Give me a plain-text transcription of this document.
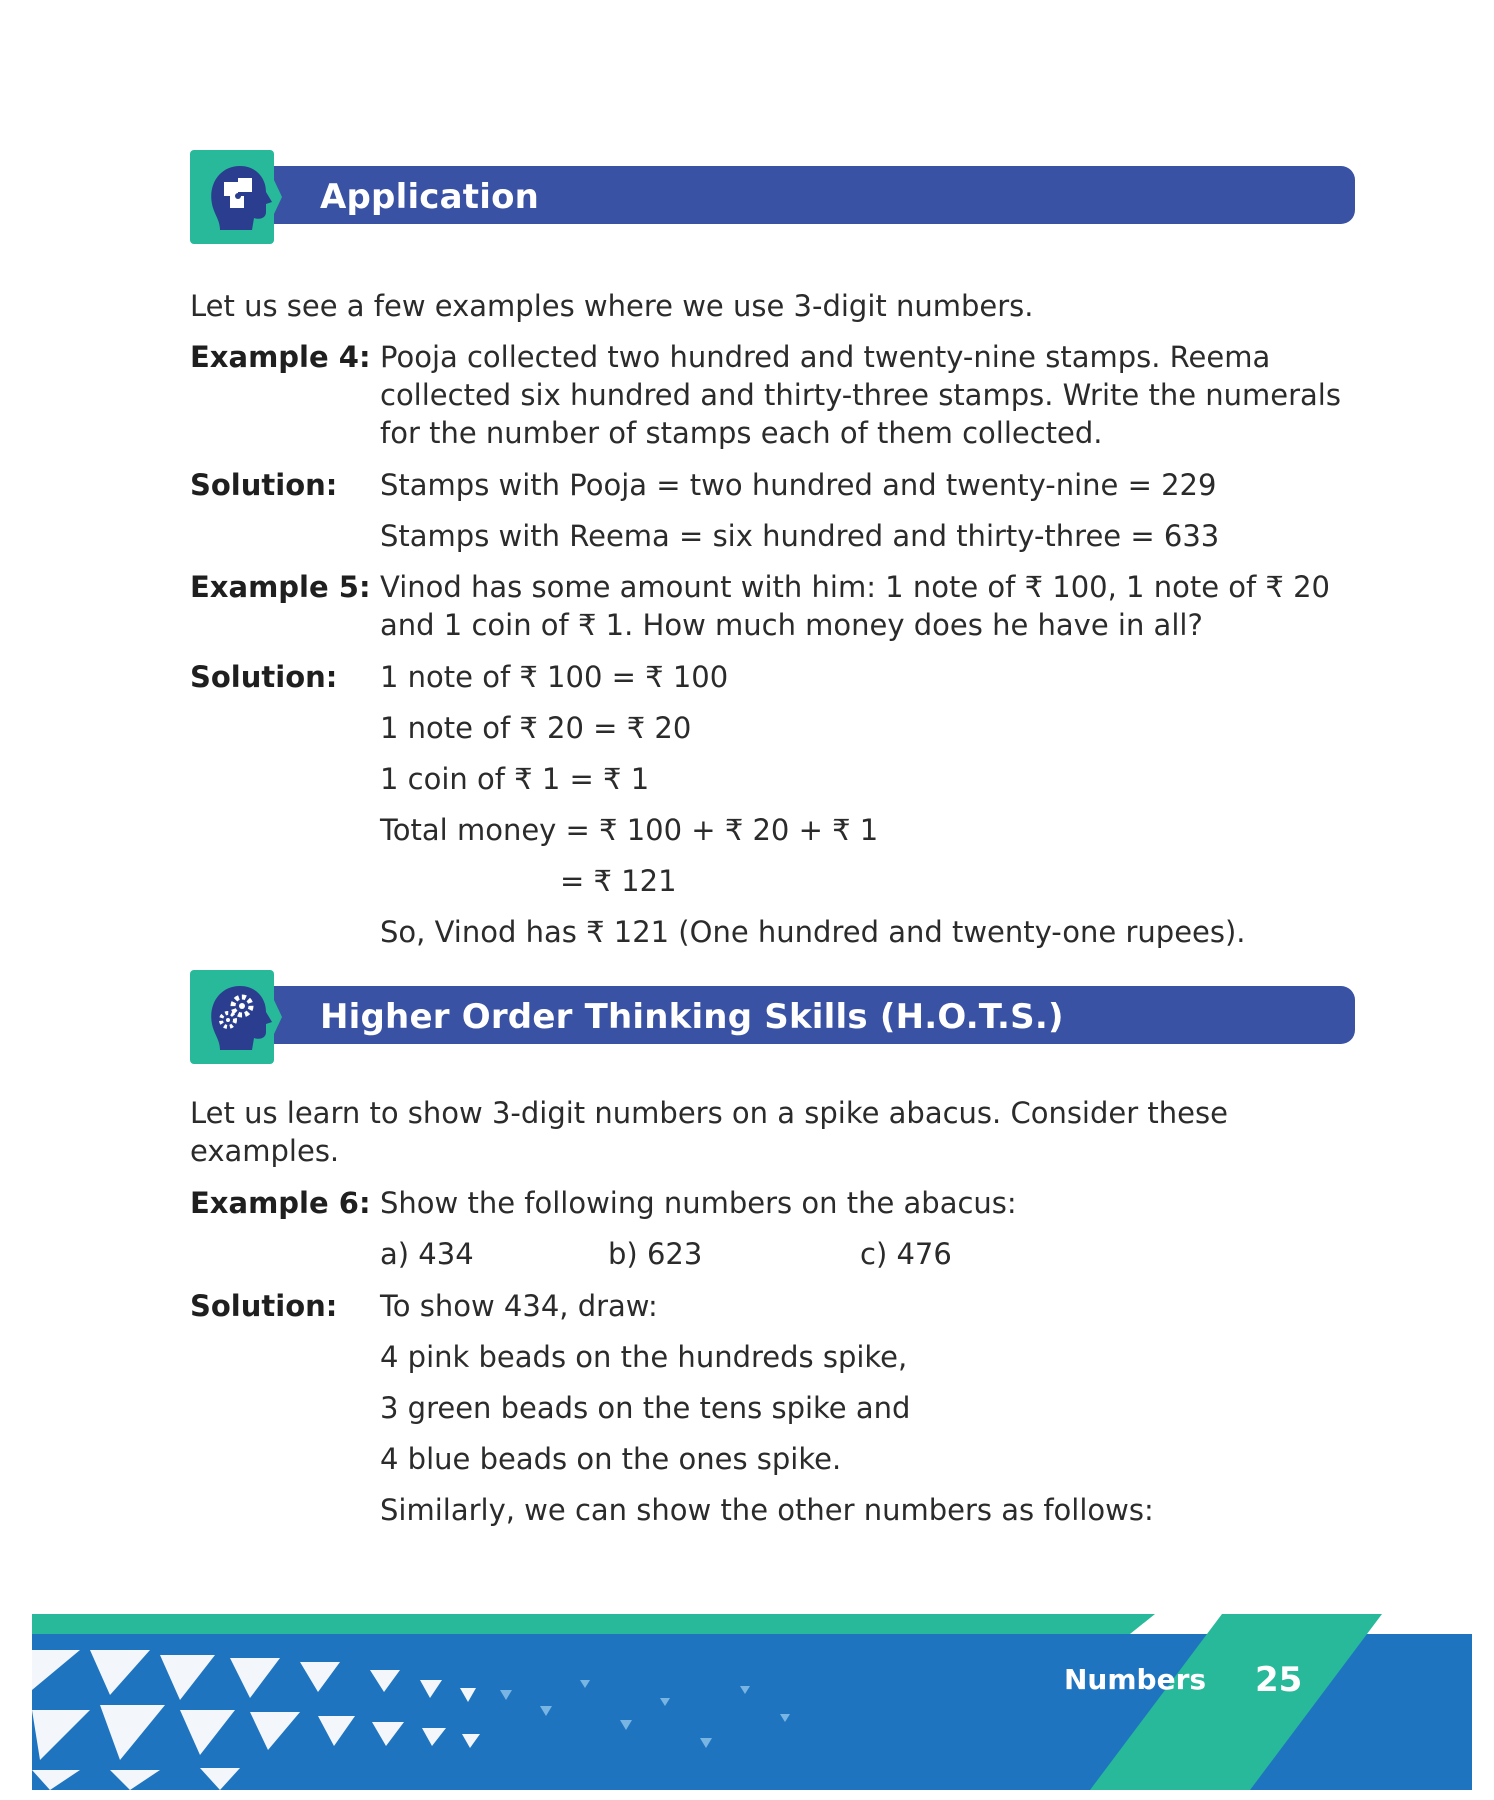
Application
Let us see a few examples where we use 3-digit numbers.
Example 4: Pooja collected two hundred and twenty-nine stamps. Reema collected six hundred and thirty-three stamps. Write the numerals for the number of stamps each of them collected.
Solution: Stamps with Pooja = two hundred and twenty-nine = 229
Stamps with Reema = six hundred and thirty-three = 633
Example 5: Vinod has some amount with him: 1 note of ₹ 100, 1 note of ₹ 20 and 1 coin of ₹ 1. How much money does he have in all?
Solution: 1 note of ₹ 100 = ₹ 100
1 note of ₹ 20 = ₹ 20
1 coin of ₹ 1 = ₹ 1
Total money = ₹ 100 + ₹ 20 + ₹ 1
= ₹ 121
So, Vinod has ₹ 121 (One hundred and twenty-one rupees).
Higher Order Thinking Skills (H.O.T.S.)
Let us learn to show 3-digit numbers on a spike abacus. Consider these examples.
Example 6: Show the following numbers on the abacus:
a) 434	b) 623	c) 476
Solution: To show 434, draw:
4 pink beads on the hundreds spike,
3 green beads on the tens spike and
4 blue beads on the ones spike.
Similarly, we can show the other numbers as follows:
Numbers 25
